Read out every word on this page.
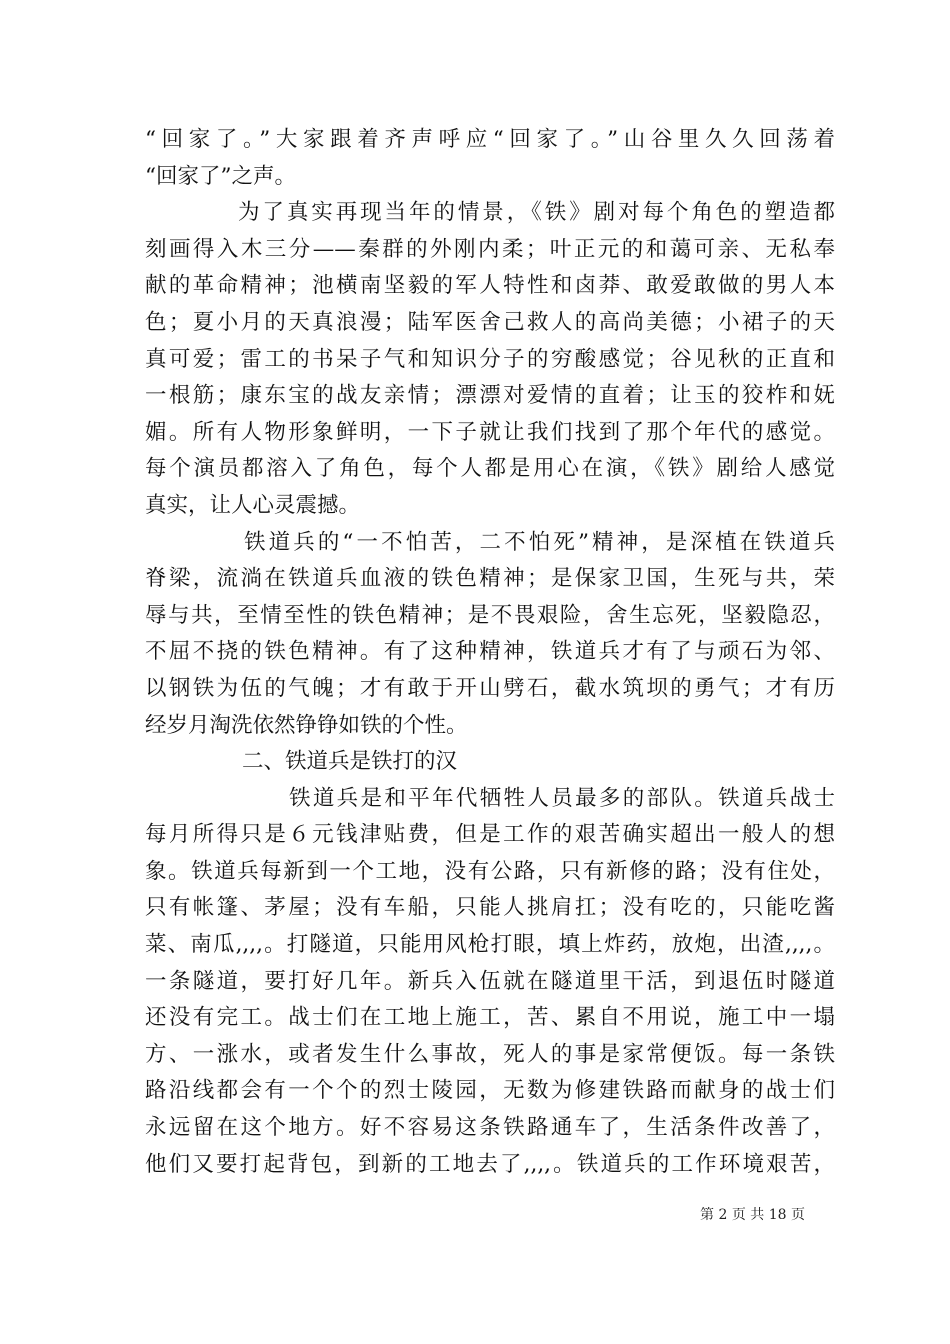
“回家了。”大家跟着齐声呼应“回家了。”山谷里久久回荡着
“回家了”之声。
为了真实再现当年的情景，《铁》剧对每个角色的塑造都
刻画得入木三分——秦群的外刚内柔；叶正元的和蔼可亲、无私奉
献的革命精神；池横南坚毅的军人特性和卤莽、敢爱敢做的男人本
色；夏小月的天真浪漫；陆军医舍己救人的高尚美德；小裙子的天
真可爱；雷工的书呆子气和知识分子的穷酸感觉；谷见秋的正直和
一根筋；康东宝的战友亲情；漂漂对爱情的直着；让玉的狡柞和妩
媚。所有人物形象鲜明，一下子就让我们找到了那个年代的感觉。
每个演员都溶入了角色，每个人都是用心在演，《铁》剧给人感觉
真实，让人心灵震撼。
铁道兵的“一不怕苦，二不怕死”精神，是深植在铁道兵
脊梁，流淌在铁道兵血液的铁色精神；是保家卫国，生死与共，荣
辱与共，至情至性的铁色精神；是不畏艰险，舍生忘死，坚毅隐忍，
不屈不挠的铁色精神。有了这种精神，铁道兵才有了与顽石为邻、
以钢铁为伍的气魄；才有敢于开山劈石，截水筑坝的勇气；才有历
经岁月淘洗依然铮铮如铁的个性。
二、铁道兵是铁打的汉
铁道兵是和平年代牺牲人员最多的部队。铁道兵战士
每月所得只是６元钱津贴费，但是工作的艰苦确实超出一般人的想
象。铁道兵每新到一个工地，没有公路，只有新修的路；没有住处，
只有帐篷、茅屋；没有车船，只能人挑肩扛；没有吃的，只能吃酱
菜、南瓜,,,,。打隧道，只能用风枪打眼，填上炸药，放炮，出渣,,,,。
一条隧道，要打好几年。新兵入伍就在隧道里干活，到退伍时隧道
还没有完工。战士们在工地上施工，苦、累自不用说，施工中一塌
方、一涨水，或者发生什么事故，死人的事是家常便饭。每一条铁
路沿线都会有一个个的烈士陵园，无数为修建铁路而献身的战士们
永远留在这个地方。好不容易这条铁路通车了，生活条件改善了，
他们又要打起背包，到新的工地去了,,,,。铁道兵的工作环境艰苦，
第 2 页 共 18 页
